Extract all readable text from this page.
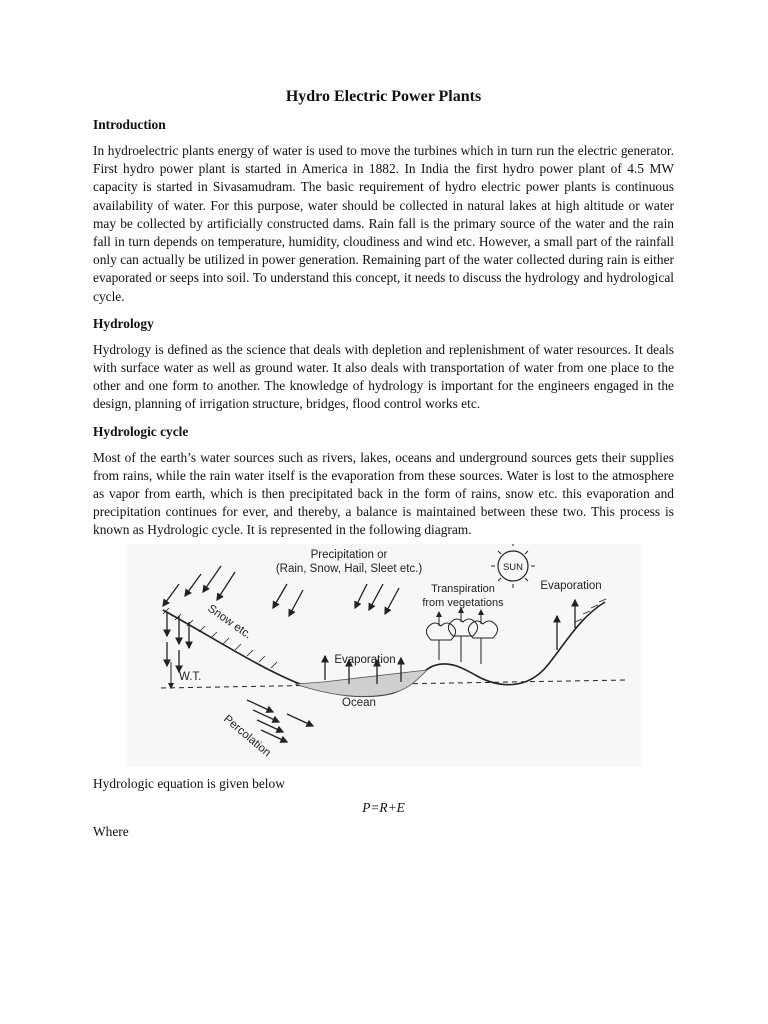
Hydro Electric Power Plants
Introduction

In hydroelectric plants energy of water is used to move the turbines which in turn run the electric generator. First hydro power plant is started in America in 1882. In India the first hydro power plant of 4.5 MW capacity is started in Sivasamudram. The basic requirement of hydro electric power plants is continuous availability of water. For this purpose, water should be collected in natural lakes at high altitude or water may be collected by artificially constructed dams. Rain fall is the primary source of the water and the rain fall in turn depends on temperature, humidity, cloudiness and wind etc. However, a small part of the rainfall only can actually be utilized in power generation. Remaining part of the water collected during rain is either evaporated or seeps into soil. To understand this concept, it needs to discuss the hydrology and hydrological cycle.

Hydrology

Hydrology is defined as the science that deals with depletion and replenishment of water resources. It deals with surface water as well as ground water. It also deals with transportation of water from one place to the other and one form to another. The knowledge of hydrology is important for the engineers engaged in the design, planning of irrigation structure, bridges, flood control works etc.

Hydrologic cycle

Most of the earth’s water sources such as rivers, lakes, oceans and underground sources gets their supplies from rains, while the rain water itself is the evaporation from these sources. Water is lost to the atmosphere as vapor from earth, which is then precipitated back in the form of rains, snow etc. this evaporation and precipitation continues for ever, and thereby, a balance is maintained between these two. This process is known as Hydrologic cycle. It is represented in the following diagram.

Precipitation or
(Rain, Snow, Hail, Sleet etc.)	SUN
Transpiration
from vegetations
Evaporation
Snow etc.
Evaporation
W.T.
Ocean
Percolation

Hydrologic equation is given below

P=R+E

Where
